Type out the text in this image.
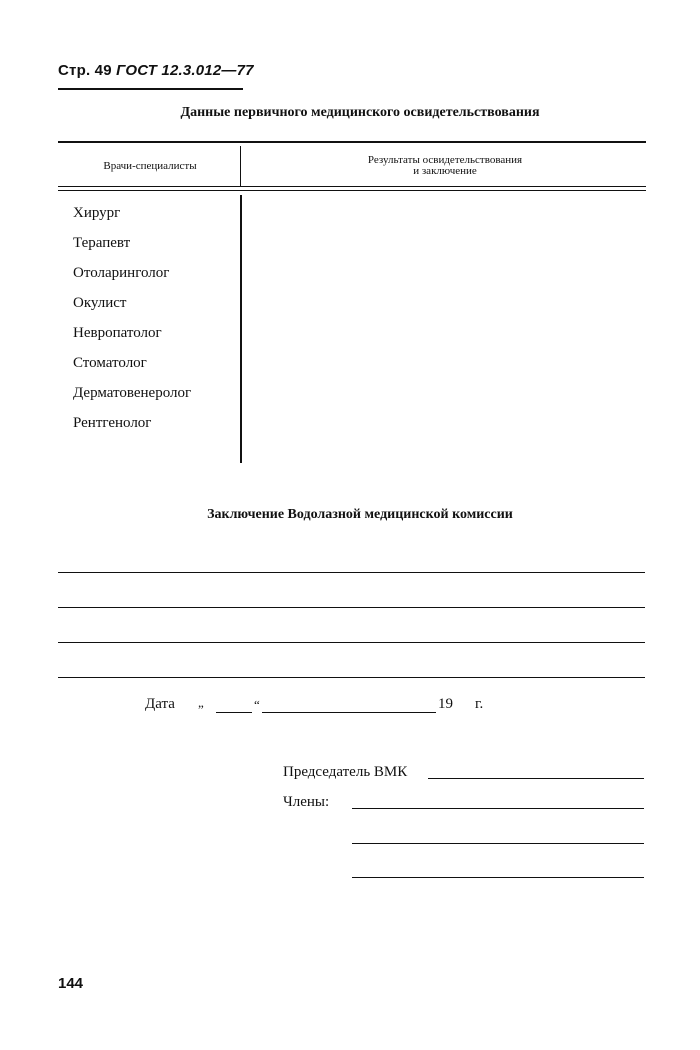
Стр. 49 ГОСТ 12.3.012—77
Данные первичного медицинского освидетельствования
Врачи-специалисты	Результаты освидетельствования
и заключение
Хирург
Терапевт
Отоларинголог
Окулист
Невропатолог
Стоматолог
Дерматовенеролог
Рентгенолог
Заключение Водолазной медицинской комиссии
Дата „	“	19 г.
Председатель ВМК
Члены:
144
